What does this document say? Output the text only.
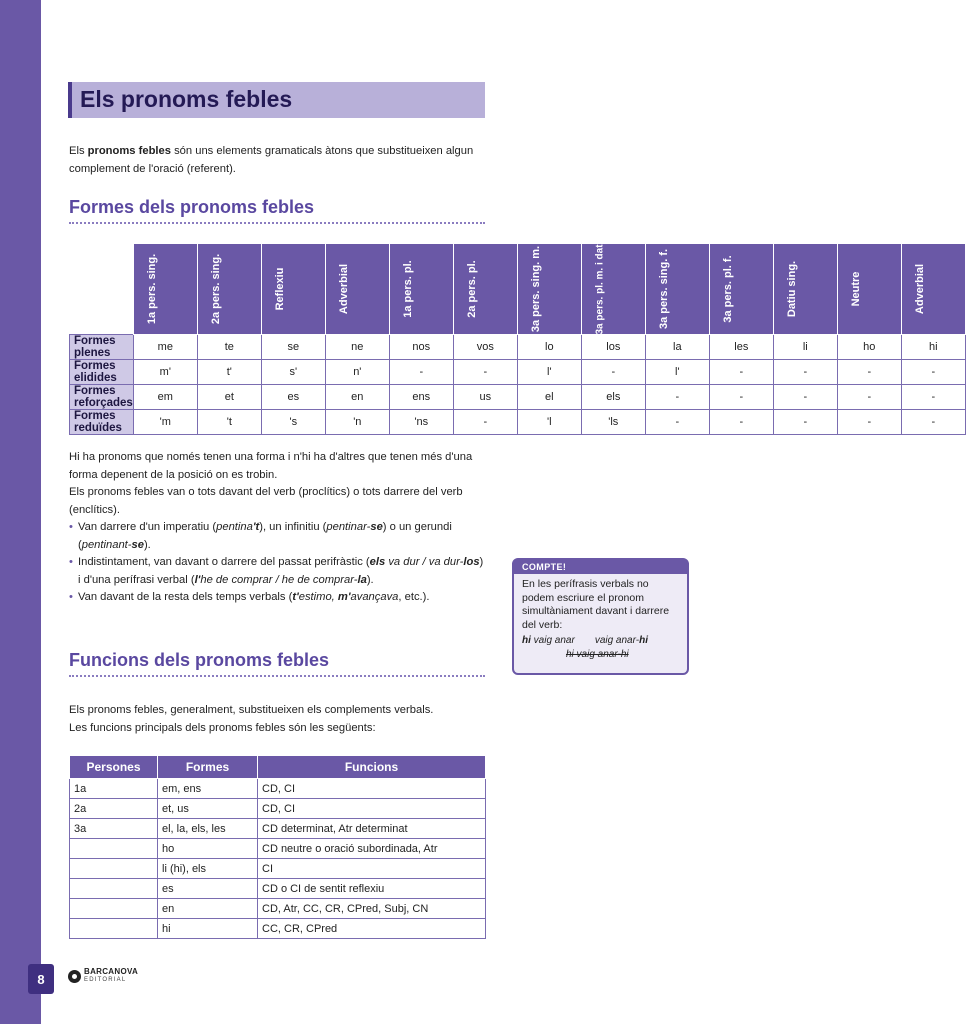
Els pronoms febles
Els pronoms febles són uns elements gramaticals àtons que substitueixen algun complement de l'oració (referent).
Formes dels pronoms febles

	1a pers. sing.	2a pers. sing.	Reflexiu	Adverbial	1a pers. pl.	2a pers. pl.	3a pers. sing. m.	3a pers. pl. m. i datiu pl.	3a pers. sing. f.	3a pers. pl. f.	Datiu sing.	Neutre	Adverbial

Formes plenes	me	te	se	ne	nos	vos	lo	los	la	les	li	ho	hi
Formes elidides	m'	t'	s'	n'	-	-	l'	-	l'	-	-	-	-
Formes reforçades	em	et	es	en	ens	us	el	els	-	-	-	-	-
Formes reduïdes	'm	't	's	'n	'ns	-	'l	'ls	-	-	-	-	-
Hi ha pronoms que només tenen una forma i n'hi ha d'altres que tenen més d'una forma depenent de la posició on es trobin.
Els pronoms febles van o tots davant del verb (proclítics) o tots darrere del verb (enclítics).
• Van darrere d'un imperatiu (pentina't), un infinitiu (pentinar-se) o un gerundi (pentinant-se).
• Indistintament, van davant o darrere del passat perifràstic (els va dur / va dur-los) i d'una perífrasi verbal (l'he de comprar / he de comprar-la).
• Van davant de la resta dels temps verbals (t'estimo, m'avançava, etc.).
COMPTE!
En les perífrasis verbals no podem escriure el pronom simultàniament davant i darrere del verb:
hi vaig anar vaig anar-hi
hi vaig anar-hi
Funcions dels pronoms febles
Els pronoms febles, generalment, substitueixen els complements verbals.
Les funcions principals dels pronoms febles són les següents:
Persones	Formes	Funcions
1a	em, ens	CD, CI
2a	et, us	CD, CI
3a	el, la, els, les	CD determinat, Atr determinat
	ho	CD neutre o oració subordinada, Atr
	li (hi), els	CI
	es	CD o CI de sentit reflexiu
	en	CD, Atr, CC, CR, CPred, Subj, CN
	hi	CC, CR, CPred
8	BARCANOVA
EDITORIAL
